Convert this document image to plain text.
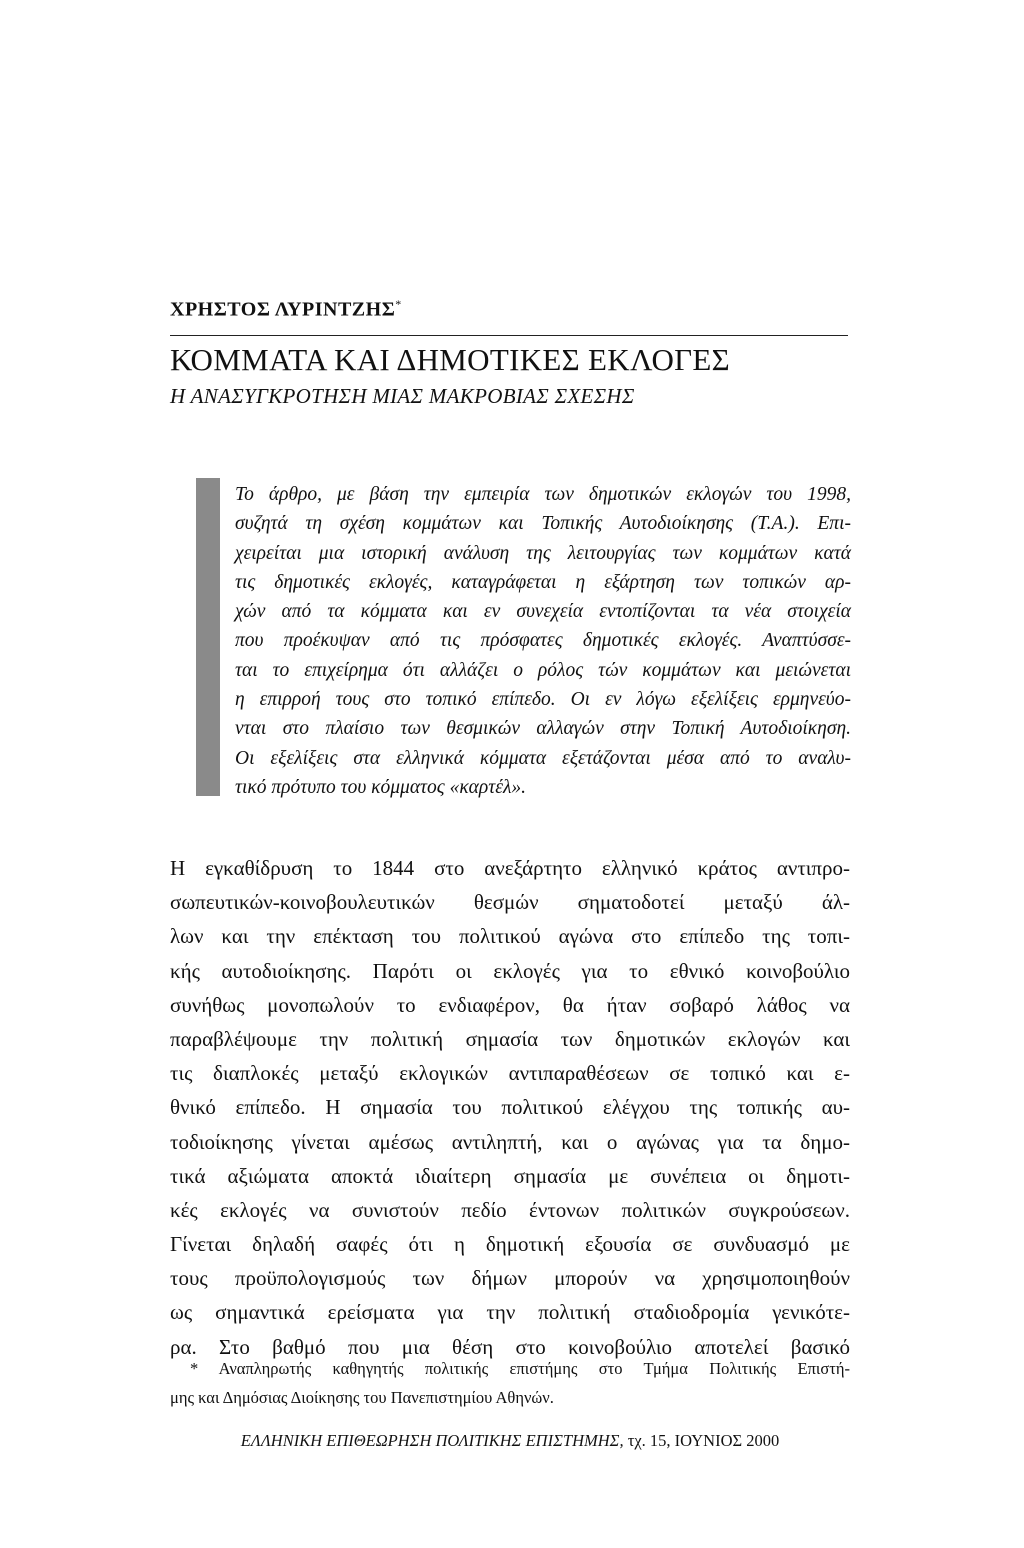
ΧΡΗΣΤΟΣ ΛΥΡΙΝΤΖΗΣ*
ΚΟΜΜΑΤΑ ΚΑΙ ΔΗΜΟΤΙΚΕΣ ΕΚΛΟΓΕΣ
Η ΑΝΑΣΥΓΚΡΟΤΗΣΗ ΜΙΑΣ ΜΑΚΡΟΒΙΑΣ ΣΧΕΣΗΣ
Το άρθρο, με βάση την εμπειρία των δημοτικών εκλογών του 1998,
συζητά τη σχέση κομμάτων και Τοπικής Αυτοδιοίκησης (Τ.Α.). Επι-
χειρείται μια ιστορική ανάλυση της λειτουργίας των κομμάτων κατά
τις δημοτικές εκλογές, καταγράφεται η εξάρτηση των τοπικών αρ-
χών από τα κόμματα και εν συνεχεία εντοπίζονται τα νέα στοιχεία
που προέκυψαν από τις πρόσφατες δημοτικές εκλογές. Αναπτύσσε-
ται το επιχείρημα ότι αλλάζει ο ρόλος τών κομμάτων και μειώνεται
η επιρροή τους στο τοπικό επίπεδο. Οι εν λόγω εξελίξεις ερμηνεύο-
νται στο πλαίσιο των θεσμικών αλλαγών στην Τοπική Αυτοδιοίκηση.
Οι εξελίξεις στα ελληνικά κόμματα εξετάζονται μέσα από το αναλυ-
τικό πρότυπο του κόμματος «καρτέλ».
Η εγκαθίδρυση το 1844 στο ανεξάρτητο ελληνικό κράτος αντιπρο-
σωπευτικών-κοινοβουλευτικών θεσμών σηματοδοτεί μεταξύ άλ-
λων και την επέκταση του πολιτικού αγώνα στο επίπεδο της τοπι-
κής αυτοδιοίκησης. Παρότι οι εκλογές για το εθνικό κοινοβούλιο
συνήθως μονοπωλούν το ενδιαφέρον, θα ήταν σοβαρό λάθος να
παραβλέψουμε την πολιτική σημασία των δημοτικών εκλογών και
τις διαπλοκές μεταξύ εκλογικών αντιπαραθέσεων σε τοπικό και ε-
θνικό επίπεδο. Η σημασία του πολιτικού ελέγχου της τοπικής αυ-
τοδιοίκησης γίνεται αμέσως αντιληπτή, και ο αγώνας για τα δημο-
τικά αξιώματα αποκτά ιδιαίτερη σημασία με συνέπεια οι δημοτι-
κές εκλογές να συνιστούν πεδίο έντονων πολιτικών συγκρούσεων.
Γίνεται δηλαδή σαφές ότι η δημοτική εξουσία σε συνδυασμό με
τους προϋπολογισμούς των δήμων μπορούν να χρησιμοποιηθούν
ως σημαντικά ερείσματα για την πολιτική σταδιοδρομία γενικότε-
ρα. Στο βαθμό που μια θέση στο κοινοβούλιο αποτελεί βασικό
* Αναπληρωτής καθηγητής πολιτικής επιστήμης στο Τμήμα Πολιτικής Επιστή-
μης και Δημόσιας Διοίκησης του Πανεπιστημίου Αθηνών.
ΕΛΛΗΝΙΚΗ ΕΠΙΘΕΩΡΗΣΗ ΠΟΛΙΤΙΚΗΣ ΕΠΙΣΤΗΜΗΣ, τχ. 15, ΙΟΥΝΙΟΣ 2000
